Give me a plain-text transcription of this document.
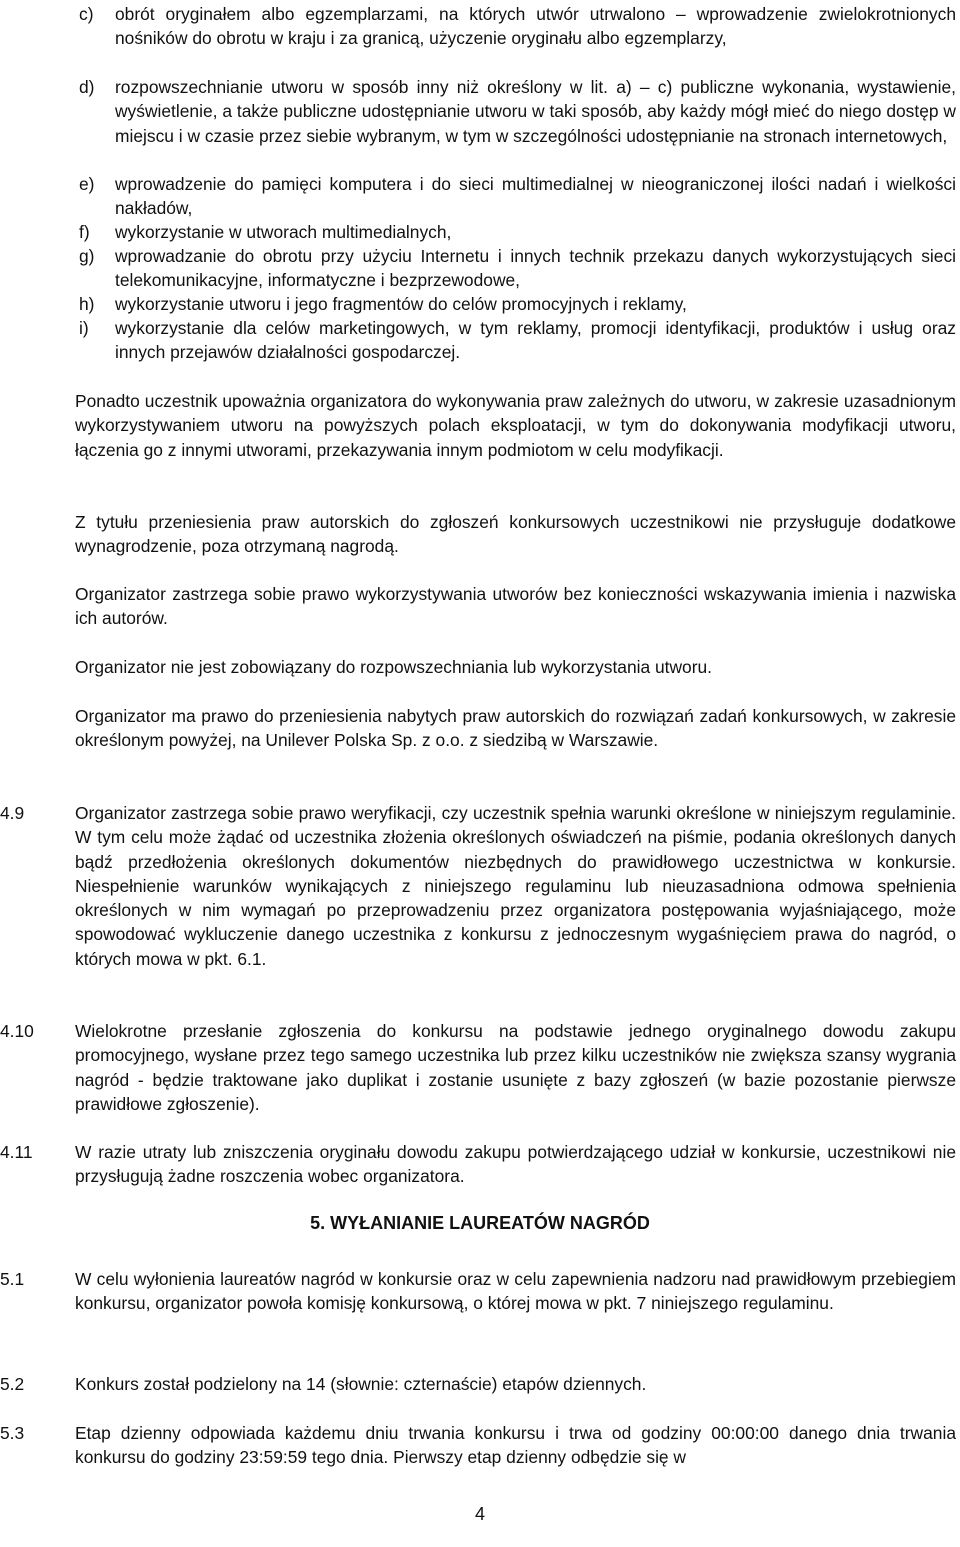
c) obrót oryginałem albo egzemplarzami, na których utwór utrwalono – wprowadzenie zwielokrotnionych nośników do obrotu w kraju i za granicą, użyczenie oryginału albo egzemplarzy,
d) rozpowszechnianie utworu w sposób inny niż określony w lit. a) – c) publiczne wykonania, wystawienie, wyświetlenie, a także publiczne udostępnianie utworu w taki sposób, aby każdy mógł mieć do niego dostęp w miejscu i w czasie przez siebie wybranym, w tym w szczególności udostępnianie na stronach internetowych,
e) wprowadzenie do pamięci komputera i do sieci multimedialnej w nieograniczonej ilości nadań i wielkości nakładów,
f) wykorzystanie w utworach multimedialnych,
g) wprowadzanie do obrotu przy użyciu Internetu i innych technik przekazu danych wykorzystujących sieci telekomunikacyjne, informatyczne i bezprzewodowe,
h) wykorzystanie utworu i jego fragmentów do celów promocyjnych i reklamy,
i) wykorzystanie dla celów marketingowych, w tym reklamy, promocji identyfikacji, produktów i usług oraz innych przejawów działalności gospodarczej.
Ponadto uczestnik upoważnia organizatora do wykonywania praw zależnych do utworu, w zakresie uzasadnionym wykorzystywaniem utworu na powyższych polach eksploatacji, w tym do dokonywania modyfikacji utworu, łączenia go z innymi utworami, przekazywania innym podmiotom w celu modyfikacji.
Z tytułu przeniesienia praw autorskich do zgłoszeń konkursowych uczestnikowi nie przysługuje dodatkowe wynagrodzenie, poza otrzymaną nagrodą.
Organizator zastrzega sobie prawo wykorzystywania utworów bez konieczności wskazywania imienia i nazwiska ich autorów.
Organizator nie jest zobowiązany do rozpowszechniania lub wykorzystania utworu.
Organizator ma prawo do przeniesienia nabytych praw autorskich do rozwiązań zadań konkursowych, w zakresie określonym powyżej, na Unilever Polska Sp. z o.o. z siedzibą w Warszawie.
4.9	Organizator zastrzega sobie prawo weryfikacji, czy uczestnik spełnia warunki określone w niniejszym regulaminie. W tym celu może żądać od uczestnika złożenia określonych oświadczeń na piśmie, podania określonych danych bądź przedłożenia określonych dokumentów niezbędnych do prawidłowego uczestnictwa w konkursie. Niespełnienie warunków wynikających z niniejszego regulaminu lub nieuzasadniona odmowa spełnienia określonych w nim wymagań po przeprowadzeniu przez organizatora postępowania wyjaśniającego, może spowodować wykluczenie danego uczestnika z konkursu z jednoczesnym wygaśnięciem prawa do nagród, o których mowa w pkt. 6.1.
4.10 Wielokrotne przesłanie zgłoszenia do konkursu na podstawie jednego oryginalnego dowodu zakupu promocyjnego, wysłane przez tego samego uczestnika lub przez kilku uczestników nie zwiększa szansy wygrania nagród - będzie traktowane jako duplikat i zostanie usunięte z bazy zgłoszeń (w bazie pozostanie pierwsze prawidłowe zgłoszenie).
4.11 W razie utraty lub zniszczenia oryginału dowodu zakupu potwierdzającego udział w konkursie, uczestnikowi nie przysługują żadne roszczenia wobec organizatora.
5. WYŁANIANIE LAUREATÓW NAGRÓD
5.1	W celu wyłonienia laureatów nagród w konkursie oraz w celu zapewnienia nadzoru nad prawidłowym przebiegiem konkursu, organizator powoła komisję konkursową, o której mowa w pkt. 7 niniejszego regulaminu.
5.2	Konkurs został podzielony na 14 (słownie: czternaście) etapów dziennych.
5.3	Etap dzienny odpowiada każdemu dniu trwania konkursu i trwa od godziny 00:00:00 danego dnia trwania konkursu do godziny 23:59:59 tego dnia. Pierwszy etap dzienny odbędzie się w
4
